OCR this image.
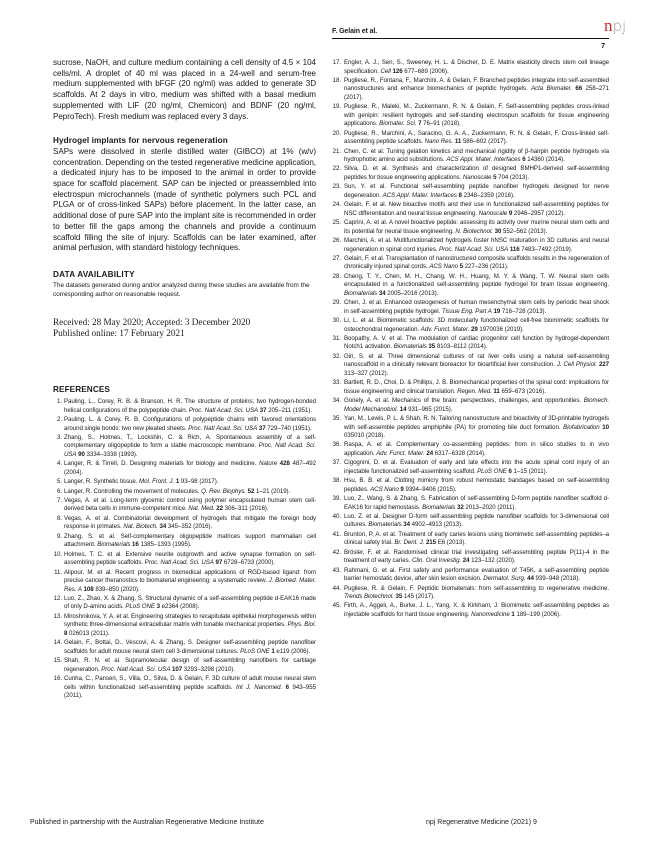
F. Gelain et al.	npj
7

sucrose, NaOH, and culture medium containing a cell density of 4.5 × 104 cells/ml. A droplet of 40 ml was placed in a 24-well and serum-free medium supplemented with bFGF (20 ng/ml) was added to generate 3D scaffolds. At 2 days in vitro, medium was shifted with a basal medium supplemented with LIF (20 ng/ml, Chemicon) and BDNF (20 ng/ml, PeproTech). Fresh medium was replaced every 3 days.

Hydrogel implants for nervous regeneration

SAPs were dissolved in sterile distilled water (GIBCO) at 1% (w/v) concentration. Depending on the tested regenerative medicine application, a dedicated injury has to be imposed to the animal in order to provide space for scaffold placement. SAP can be injected or preassembled into electrospun microchannels (made of synthetic polymers such PCL and PLGA or of cross-linked SAPs) before placement. In the latter case, an additional dose of pure SAP into the implant site is recommended in order to better fill the gaps among the channels and provide a continuum scaffold filling the site of injury. Scaffolds can be later examined, after animal perfusion, with standard histology techniques.

DATA AVAILABILITY

The datasets generated during and/or analyzed during these studies are available from the corresponding author on reasonable request.

Received: 28 May 2020; Accepted: 3 December 2020
Published online: 17 February 2021
REFERENCES
1. Pauling, L., Corey, R. B. & Branson, H. R. The structure of proteins; two hydrogen-bonded helical configurations of the polypeptide chain. Proc. Natl Acad. Sci. USA 37 205–211 (1951).
2. Pauling, L. & Corey, R. B. Configurations of polypeptide chains with favored orientations around single bonds: two new pleated sheets. Proc. Natl Acad. Sci. USA 37 729–740 (1951).
3. Zhang, S., Holmes, T., Lockshin, C. & Rich, A. Spontaneous assembly of a self-complementary oligopeptide to form a stable macroscopic membrane. Proc. Natl Acad. Sci. USA 90 3334–3338 (1993).
4. Langer, R. & Tirrell, D. Designing materials for biology and medicine. Nature 428 487–492 (2004).
5. Langer, R. Synthetic tissue. Mol. Front. J. 1 93–98 (2017).
6. Langer, R. Controlling the movement of molecules. Q. Rev. Biophys. 52 1–21 (2019).
7. Vegas, A. et al. Long-term glycemic control using polymer encapsulated human stem cell-derived beta cells in immune-competent mice. Nat. Med. 22 306–311 (2016).
8. Vegas, A. et al. Combinatorial development of hydrogels that mitigate the foreign body response in primates. Nat. Biotech. 34 345–352 (2016).
9. Zhang, S. et al. Self-complementary oligopeptide matrices support mammalian cell attachment. Biomaterials 16 1385–1393 (1995).
10. Holmes, T. C. et al. Extensive neurite outgrowth and active synapse formation on self-assembling peptide scaffolds. Proc. Natl Acad. Sci. USA 97 6728–6733 (2000).
11. Alipour, M. et al. Recent progress in biomedical applications of RGD-based ligand: from precise cancer theranostics to biomaterial engineering: a systematic review. J. Biomed. Mater. Res. A 108 839–850 (2020).
12. Luo, Z., Zhao, X. & Zhang, S. Structural dynamic of a self-assembling peptide d-EAK16 made of only D-amino acids. PLoS ONE 3 e2364 (2008).
13. Miroshnikova, Y. A. et al. Engineering strategies to recapitulate epithelial morphogenesis within synthetic three-dimensional extracellular matrix with tunable mechanical properties. Phys. Biol. 8 026013 (2011).
14. Gelain, F., Bottai, D., Vescovi, A. & Zhang, S. Designer self-assembling peptide nanofiber scaffolds for adult mouse neural stem cell 3-dimensional cultures. PLoS ONE 1 e119 (2006).
15. Shah, R. N. et al. Supramolecular design of self-assembling nanofibers for cartilage regeneration. Proc. Natl Acad. Sci. USA 107 3293–3298 (2010).
16. Cunha, C., Panseri, S., Villa, O., Silva, D. & Gelain, F. 3D culture of adult mouse neural stem cells within functionalized self-assembling peptide scaffolds. Int J. Nanomed. 6 943–955 (2011).
17. Engler, A. J., Sen, S., Sweeney, H. L. & Discher, D. E. Matrix elasticity directs stem cell lineage specification. Cell 126 677–689 (2006).
18. Pugliese, R., Fontana, F., Marchini, A. & Gelain, F. Branched peptides integrate into self-assembled nanostructures and enhance biomechanics of peptidic hydrogels. Acta Biomater. 66 258–271 (2017).
19. Pugliese, R., Maleki, M., Zuckermann, R. N. & Gelain, F. Self-assembling peptides cross-linked with genipin: resilient hydrogels and self-standing electrospun scaffolds for tissue engineering applications. Biomater. Sci. 7 76–91 (2018).
20. Pugliese, R., Marchini, A., Saracino, G. A. A., Zuckermann, R. N. & Gelain, F. Cross-linked self-assembling peptide scaffolds. Nano Res. 11 586–602 (2017).
21. Chen, C. et al. Tuning gelation kinetics and mechanical rigidity of β-hairpin peptide hydrogels via hydrophobic amino acid substitutions. ACS Appl. Mater. Interfaces 6 14360 (2014).
22. Silva, D. et al. Synthesis and characterization of designed BMHP1-derived self-assembling peptides for tissue engineering applications. Nanoscale 5 704 (2013).
23. Sun, Y. et al. Functional self-assembling peptide nanofiber hydrogels designed for nerve degeneration. ACS Appl. Mater. Interfaces 8 2348–2359 (2016).
24. Gelain, F. et al. New bioactive motifs and their use in functionalized self-assembling peptides for NSC differentiation and neural tissue engineering. Nanoscale 9 2946–2957 (2012).
25. Caprini, A. et al. A novel bioactive peptide: assessing its activity over murine neural stem cells and its potential for neural tissue engineering. N. Biotechnol. 30 552–562 (2013).
26. Marchini, A. et al. Multifunctionalized hydrogels foster hNSC maturation in 3D cultures and neural regeneration in spinal cord injuries. Proc. Natl Acad. Sci. USA 116 7483–7492 (2019).
27. Gelain, F. et al. Transplantation of nanostructured composite scaffolds results in the regeneration of chronically injured spinal cords. ACS Nano 5 227–236 (2011).
28. Cheng, T. Y., Chen, M. H., Chang, W. H., Huang, M. Y. & Wang, T. W. Neural stem cells encapsulated in a functionalized self-assembling peptide hydrogel for brain tissue engineering. Biomaterials 34 2005–2016 (2013).
29. Chen, J. et al. Enhanced osteogenesis of human mesenchymal stem cells by periodic heat shock in self-assembling peptide hydrogel. Tissue Eng. Part A 19 716–728 (2013).
30. Li, L. et al. Biomimetic scaffolds: 3D molecularly functionalized cell-free biomimetic scaffolds for osteochondral regeneration. Adv. Funct. Mater. 29 1970036 (2019).
31. Boopathy, A. V. et al. The modulation of cardiac progenitor cell function by hydrogel-dependent Notch1 activation. Biomaterials 35 8103–8112 (2014).
32. Giri, S. et al. Three dimensional cultures of rat liver cells using a natural self-assembling nanoscaffold in a clinically relevant bioreactor for bioartificial liver construction. J. Cell Physiol. 227 313–327 (2012).
33. Bartlett, R. D., Choi, D. & Phillips, J. B. Biomechanical properties of the spinal cord: implications for tissue engineering and clinical translation. Regen. Med. 11 659–673 (2016).
34. Goriely, A. et al. Mechanics of the brain: perspectives, challenges, and opportunities. Biomech. Model Mechanobiol. 14 931–965 (2015).
35. Yan, M., Lewis, P. L. & Shah, R. N. Tailoring nanostructure and bioactivity of 3D-printable hydrogels with self-assemble peptides amphiphile (PA) for promoting bile duct formation. Biofabrication 10 035010 (2018).
36. Raspa, A. et al. Complementary co-assembling peptides: from in silico studies to in vivo application. Adv. Funct. Mater. 24 6317–6328 (2014).
37. Cigognini, D. et al. Evaluation of early and late effects into the acute spinal cord injury of an injectable functionalized self-assembling scaffold. PLoS ONE 6 1–15 (2011).
38. Hsu, B. B. et al. Clotting mimicry from robust hemostatic bandages based on self-assembling peptides. ACS Nano 9 9394–9406 (2015).
39. Luo, Z., Wang, S. & Zhang, S. Fabrication of self-assembling D-form peptide nanofiber scaffold d-EAK16 for rapid hemostasis. Biomaterials 32 2013–2020 (2011).
40. Luo, Z. et al. Designer D-form self-assembling peptide nanofiber scaffolds for 3-dimensional cell cultures. Biomaterials 34 4902–4913 (2013).
41. Brunton, P. A. et al. Treatment of early caries lesions using biomimetic self-assembling peptides–a clinical safety trial. Br. Dent. J. 215 E6 (2013).
42. Brösler, F. et al. Randomised clinical trial investigating self-assembling peptide P(11)-4 in the treatment of early caries. Clin. Oral Investig. 24 123–132 (2020).
43. Rahmani, G. et al. First safety and performance evaluation of T45K, a self-assembling peptide barrier hemostatic device, after skin lesion excision. Dermatol. Surg. 44 939–948 (2018).
44. Pugliese, R. & Gelain, F. Peptidic biomaterials: from self-assembling to regenerative medicine. Trends Biotechnol. 35 145 (2017).
45. Firth, A., Aggeli, A., Burke, J. L., Yang, X. & Kirkham, J. Biomimetic self-assembling peptides as injectable scaffolds for hard tissue engineering. Nanomedicine 1 189–199 (2006).
Published in partnership with the Australian Regenerative Medicine Institute	npj Regenerative Medicine (2021) 9
